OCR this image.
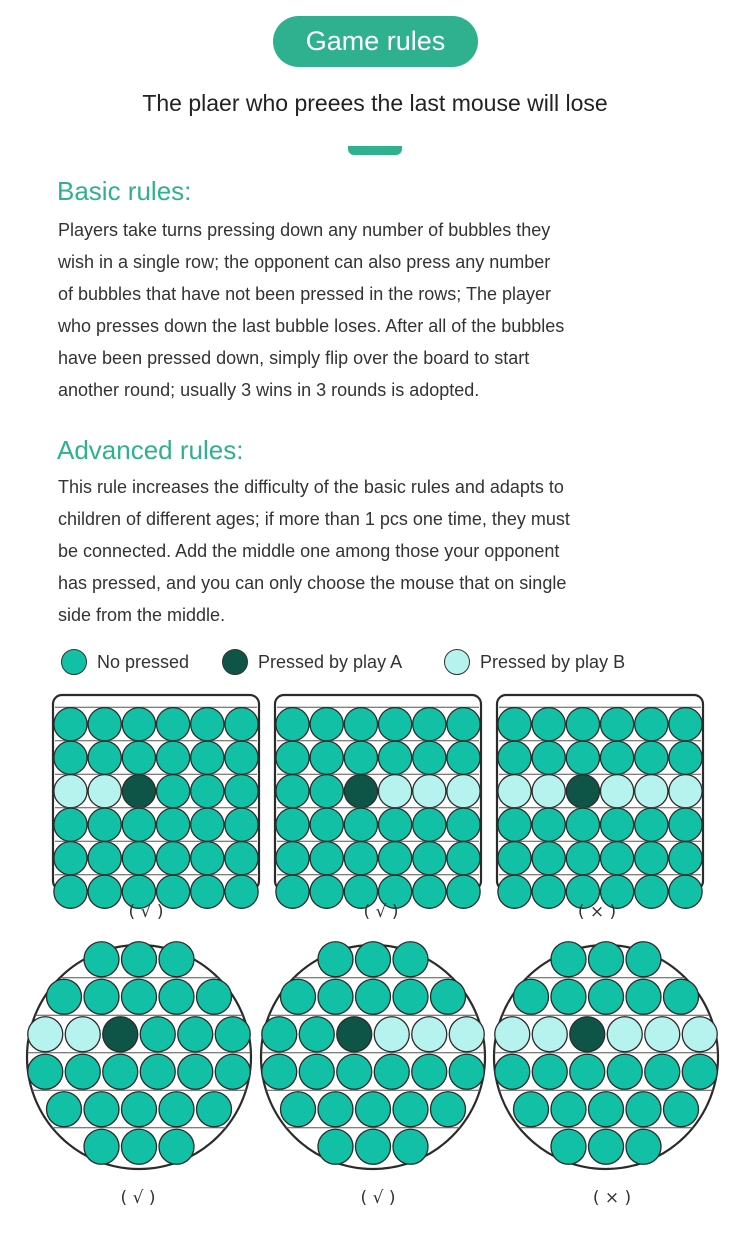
Game rules
The plaer who preees the last mouse will lose
Basic rules:
Players take turns pressing down any number of bubbles they
wish in a single row; the opponent can also press any number
of bubbles that have not been pressed in the rows; The player
who presses down the last bubble loses. After all of the bubbles
have been pressed down, simply flip over the board to start
another round; usually 3 wins in 3 rounds is adopted.
Advanced rules:
This rule increases the difficulty of the basic rules and adapts to
children of different ages; if more than 1 pcs one time, they must
be connected. Add the middle one among those your opponent
has pressed, and you can only choose the mouse that on single
side from the middle.
No pressed	Pressed by play A	Pressed by play B
( √ )	( √ )	( × )
( √ )	( √ )	( × )
